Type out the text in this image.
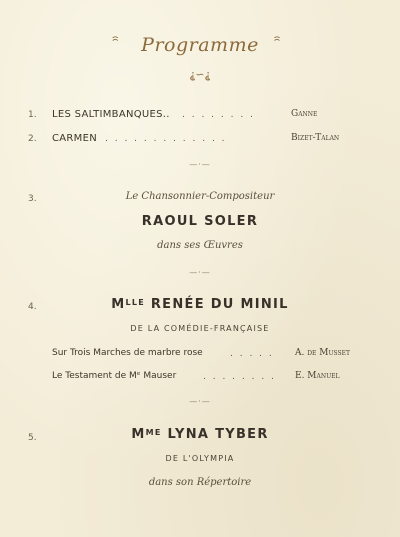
Programme
⸘∽⸘
1. LES SALTIMBANQUES.. . . . . . . . .	Ganne
2. CARMEN . . . . . . . . . . . . .	Bizet-Talan
—·—
3.	Le Chansonnier-Compositeur
RAOUL SOLER
dans ses Œuvres
—·—
4.	$M^{LLE}$ RENÉE DU MINIL
DE LA COMÉDIE-FRANÇAISE
Sur Trois Marches de marbre rose	. . . . . A. de Musset
Le Testament de Mᵉ Mauser	. . . . . . . . E. Manuel
—·—
5.	$M^{ME}$ LYNA TYBER
DE L'OLYMPIA
dans son Répertoire
